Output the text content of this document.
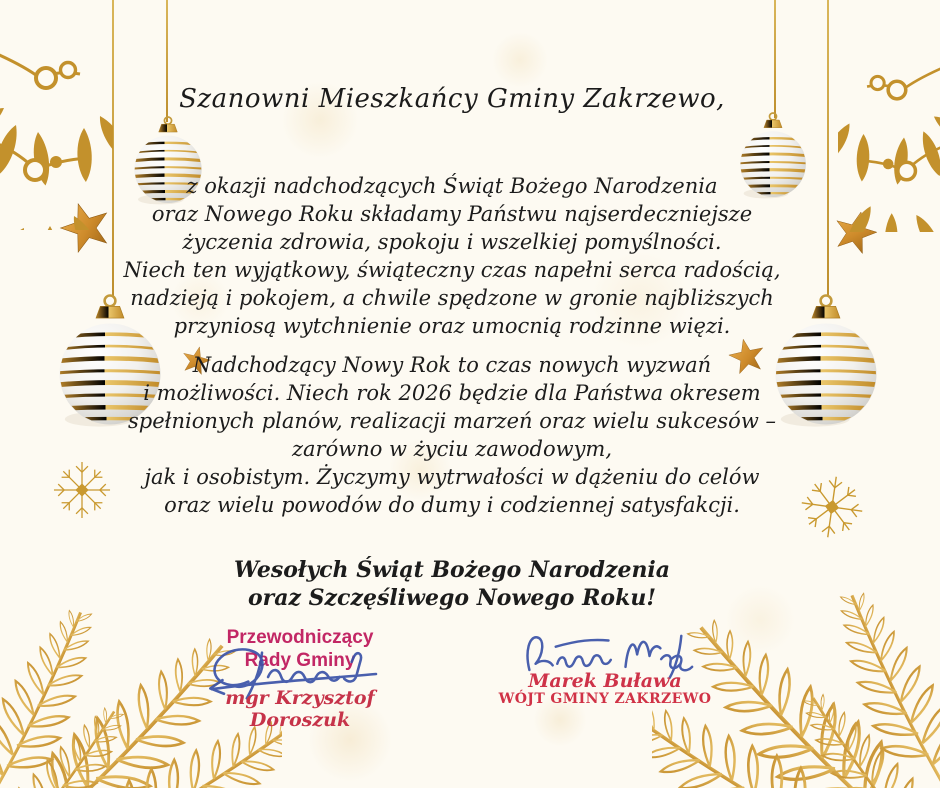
Szanowni Mieszkańcy Gminy Zakrzewo,
z okazji nadchodzących Świąt Bożego Narodzenia
oraz Nowego Roku składamy Państwu najserdeczniejsze
życzenia zdrowia, spokoju i wszelkiej pomyślności.
Niech ten wyjątkowy, świąteczny czas napełni serca radością,
nadzieją i pokojem, a chwile spędzone w gronie najbliższych
przyniosą wytchnienie oraz umocnią rodzinne więzi.
Nadchodzący Nowy Rok to czas nowych wyzwań
i możliwości. Niech rok 2026 będzie dla Państwa okresem
spełnionych planów, realizacji marzeń oraz wielu sukcesów –
zarówno w życiu zawodowym,
jak i osobistym. Życzymy wytrwałości w dążeniu do celów
oraz wielu powodów do dumy i codziennej satysfakcji.
Wesołych Świąt Bożego Narodzenia
oraz Szczęśliwego Nowego Roku!
Przewodniczący
Rady Gminy
mgr Krzysztof Doroszuk
Marek Buława
WÓJT GMINY ZAKRZEWO
